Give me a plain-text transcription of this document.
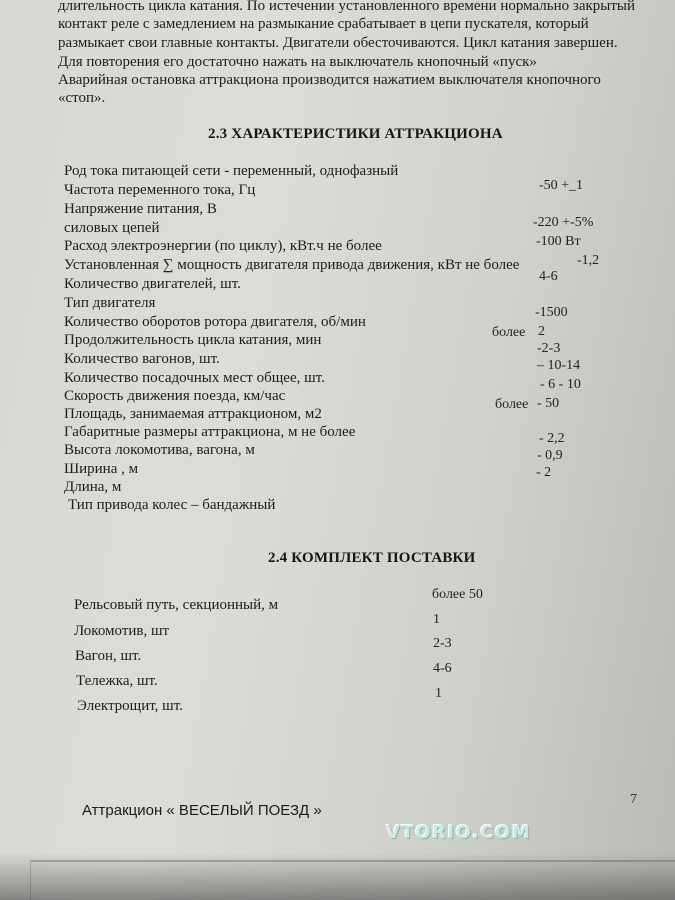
длительность цикла катания. По истечении установленного времени нормально закрытый
контакт реле с замедлением на размыкание срабатывает в цепи пускателя, который
размыкает свои главные контакты. Двигатели обесточиваются. Цикл катания завершен.
Для повторения его достаточно нажать на выключатель кнопочный «пуск»
Аварийная остановка аттракциона производится нажатием выключателя кнопочного
«стоп».
2.3 ХАРАКТЕРИСТИКИ АТТРАКЦИОНА
Род тока питающей сети - переменный, однофазный
Частота переменного тока, Гц
Напряжение питания, В
силовых цепей
Расход электроэнергии (по циклу), кВт.ч не более
Установленная ∑ мощность двигателя привода движения, кВт не более
Количество двигателей, шт.
Тип двигателя
Количество оборотов ротора двигателя, об/мин
Продолжительность цикла катания, мин
Количество вагонов, шт.
Количество посадочных мест общее, шт.
Скорость движения поезда, км/час
Площадь, занимаемая аттракционом, м2
Габаритные размеры аттракциона, м не более
Высота локомотива, вагона, м
Ширина , м
Длина, м
Тип привода колес – бандажный
-50 +_1
-220 +-5%
-100 Вт
-1,2
4-6
-1500
более 2
-2-3
– 10-14
- 6 - 10
более - 50
- 2,2
- 0,9
- 2
2.4 КОМПЛЕКТ ПОСТАВКИ
Рельсовый путь, секционный, м
более 50
Локомотив, шт
1
Вагон, шт.
2-3
Тележка, шт.
4-6
Электрощит, шт.
1
Аттракцион « ВЕСЕЛЫЙ ПОЕЗД »
7
VTORIO.COM
